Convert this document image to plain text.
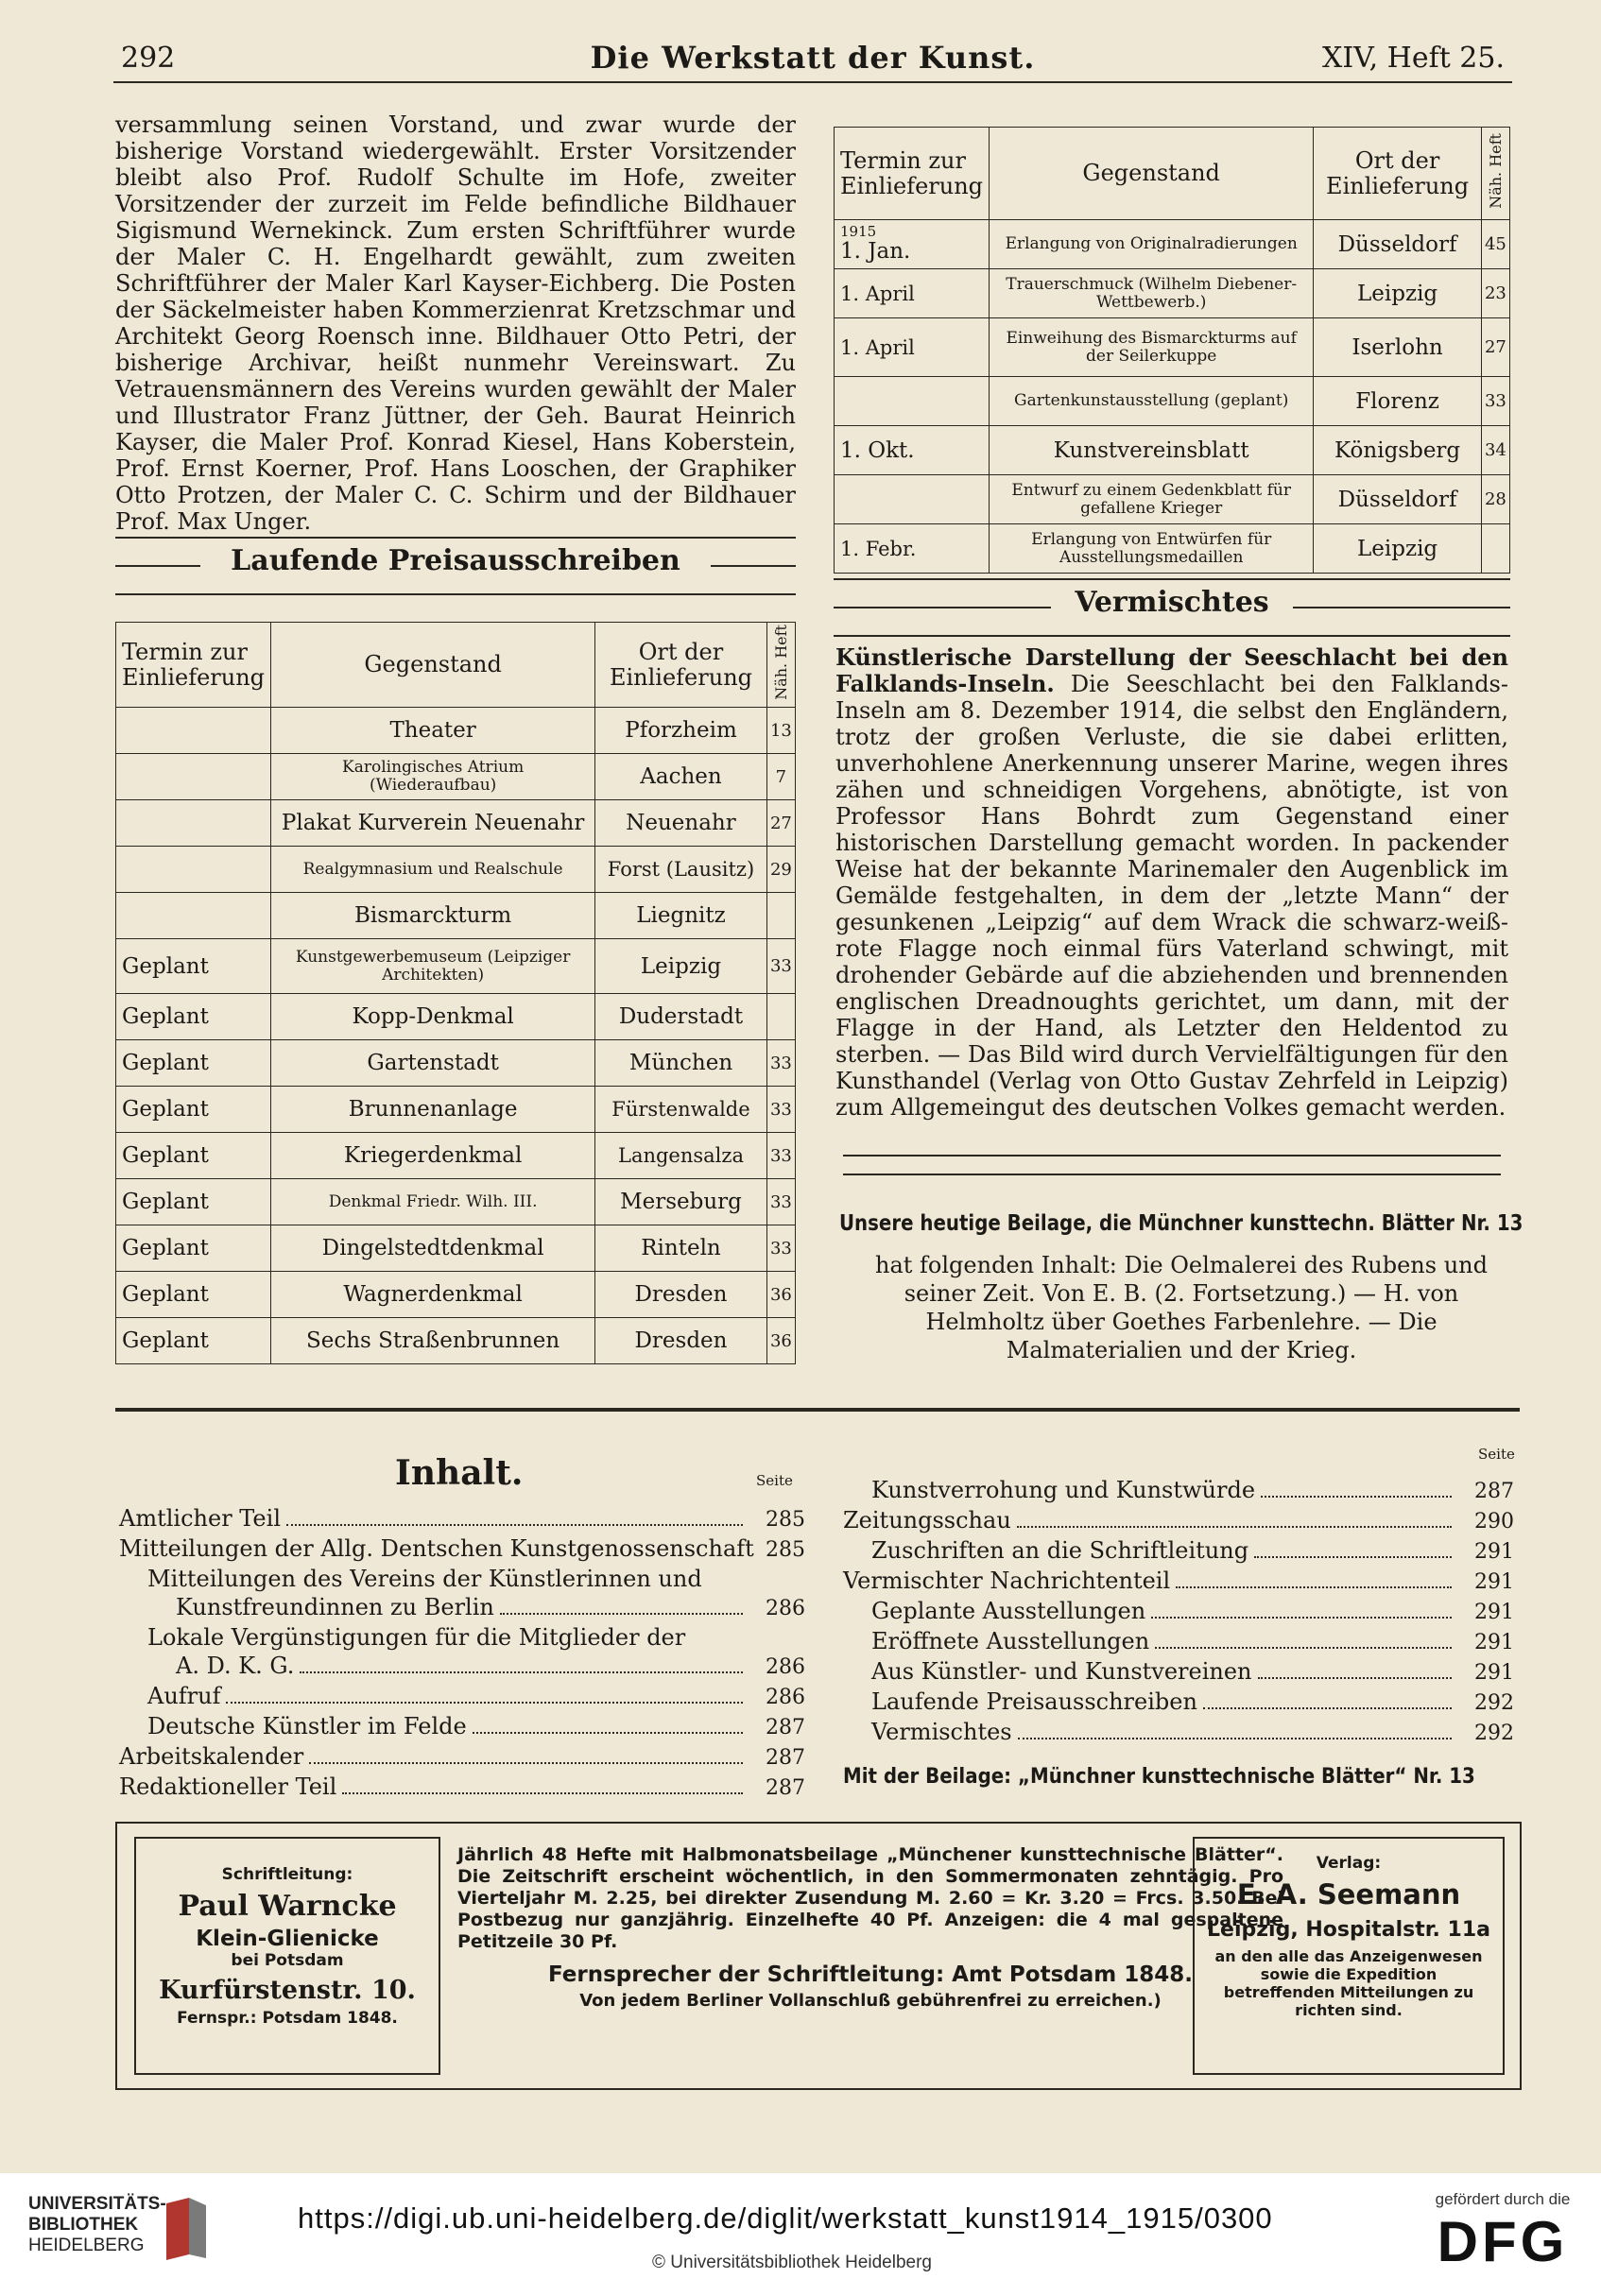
292	Die Werkstatt der Kunst.	XIV, Heft 25.
versammlung seinen Vorstand, und zwar wurde der bisherige Vorstand wiedergewählt. Erster Vorsitzender bleibt also Prof. Rudolf Schulte im Hofe, zweiter Vorsitzender der zurzeit im Felde befindliche Bildhauer Sigismund Wernekinck. Zum ersten Schriftführer wurde der Maler C. H. Engelhardt gewählt, zum zweiten Schriftführer der Maler Karl Kayser-Eichberg. Die Posten der Säckelmeister haben Kommerzienrat Kretzschmar und Architekt Georg Roensch inne. Bildhauer Otto Petri, der bisherige Archivar, heißt nunmehr Vereinswart. Zu Vetrauensmännern des Vereins wurden gewählt der Maler und Illustrator Franz Jüttner, der Geh. Baurat Heinrich Kayser, die Maler Prof. Konrad Kiesel, Hans Koberstein, Prof. Ernst Koerner, Prof. Hans Looschen, der Graphiker Otto Protzen, der Maler C. C. Schirm und der Bildhauer Prof. Max Unger.
Laufende Preisausschreiben
Termin zur Einlieferung	Gegenstand	Ort der Einlieferung	Näh. Heft
	Theater	Pforzheim	13
	Karolingisches Atrium (Wiederaufbau)	Aachen	7
	Plakat Kurverein Neuenahr	Neuenahr	27
	Realgymnasium und Realschule	Forst (Lausitz)	29
	Bismarckturm	Liegnitz	
Geplant	Kunstgewerbemuseum (Leipziger Architekten)	Leipzig	33
Geplant	Kopp-Denkmal	Duderstadt	
Geplant	Gartenstadt	München	33
Geplant	Brunnenanlage	Fürstenwalde	33
Geplant	Kriegerdenkmal	Langensalza	33
Geplant	Denkmal Friedr. Wilh. III.	Merseburg	33
Geplant	Dingelstedtdenkmal	Rinteln	33
Geplant	Wagnerdenkmal	Dresden	36
Geplant	Sechs Straßenbrunnen	Dresden	36
Termin zur Einlieferung	Gegenstand	Ort der Einlieferung	Näh. Heft

1915
1. Jan.	Erlangung von Originalradierungen	Düsseldorf	45
1. April	Trauerschmuck (Wilhelm Diebener-Wettbewerb.)	Leipzig	23
1. April	Einweihung des Bismarckturms auf der Seilerkuppe	Iserlohn	27
	Gartenkunstausstellung (geplant)	Florenz	33
1. Okt.	Kunstvereinsblatt	Königsberg	34
	Entwurf zu einem Gedenkblatt für gefallene Krieger	Düsseldorf	28
1. Febr.	Erlangung von Entwürfen für Ausstellungsmedaillen	Leipzig	
Vermischtes
Künstlerische Darstellung der Seeschlacht bei den Falklands-Inseln. Die Seeschlacht bei den Falklands-Inseln am 8. Dezember 1914, die selbst den Engländern, trotz der großen Verluste, die sie dabei erlitten, unverhohlene Anerkennung unserer Marine, wegen ihres zähen und schneidigen Vorgehens, abnötigte, ist von Professor Hans Bohrdt zum Gegenstand einer historischen Darstellung gemacht worden. In packender Weise hat der bekannte Marinemaler den Augenblick im Gemälde festgehalten, in dem der „letzte Mann“ der gesunkenen „Leipzig“ auf dem Wrack die schwarz-weiß-rote Flagge noch einmal fürs Vaterland schwingt, mit drohender Gebärde auf die abziehenden und brennenden englischen Dreadnoughts gerichtet, um dann, mit der Flagge in der Hand, als Letzter den Heldentod zu sterben. — Das Bild wird durch Vervielfältigungen für den Kunsthandel (Verlag von Otto Gustav Zehrfeld in Leipzig) zum Allgemeingut des deutschen Volkes gemacht werden.
Unsere heutige Beilage, die Münchner kunsttechn. Blätter Nr. 13
hat folgenden Inhalt: Die Oelmalerei des Rubens und seiner Zeit. Von E. B. (2. Fortsetzung.) — H. von Helmholtz über Goethes Farbenlehre. — Die Malmaterialien und der Krieg.
Inhalt.	Seite
Seite
Amtlicher Teil	285
Mitteilungen der Allg. Dentschen Kunstgenossenschaft 285
Mitteilungen des Vereins der Künstlerinnen und
Kunstfreundinnen zu Berlin	286
Lokale Vergünstigungen für die Mitglieder der
A. D. K. G.	286
Aufruf	286
Deutsche Künstler im Felde	287
Arbeitskalender	287
Redaktioneller Teil	287
Kunstverrohung und Kunstwürde	287
Zeitungsschau	290
Zuschriften an die Schriftleitung	291
Vermischter Nachrichtenteil	291
Geplante Ausstellungen	291
Eröffnete Ausstellungen	291
Aus Künstler- und Kunstvereinen	291
Laufende Preisausschreiben	292
Vermischtes	292
Mit der Beilage: „Münchner kunsttechnische Blätter“ Nr. 13
Schriftleitung:
Paul Warncke
Klein-Glienicke
bei Potsdam
Kurfürstenstr. 10.
Fernspr.: Potsdam 1848.
Jährlich 48 Hefte mit Halbmonatsbeilage „Münchener kunsttechnische Blätter“. Die Zeitschrift erscheint wöchentlich, in den Sommermonaten zehntägig. Pro Vierteljahr M. 2.25, bei direkter Zusendung M. 2.60 = Kr. 3.20 = Frcs. 3.50. Bei Postbezug nur ganzjährig. Einzelhefte 40 Pf. Anzeigen: die 4 mal gespaltene Petitzeile 30 Pf.
Fernsprecher der Schriftleitung: Amt Potsdam 1848.
Von jedem Berliner Vollanschluß gebührenfrei zu erreichen.)
Verlag:
E. A. Seemann
Leipzig, Hospitalstr. 11a
an den alle das Anzeigenwesen sowie die Expedition betreffenden Mitteilungen zu richten sind.
UNIVERSITÄTS-
BIBLIOTHEK
HEIDELBERG
https://digi.ub.uni-heidelberg.de/diglit/werkstatt_kunst1914_1915/0300
© Universitätsbibliothek Heidelberg
gefördert durch die
DFG
